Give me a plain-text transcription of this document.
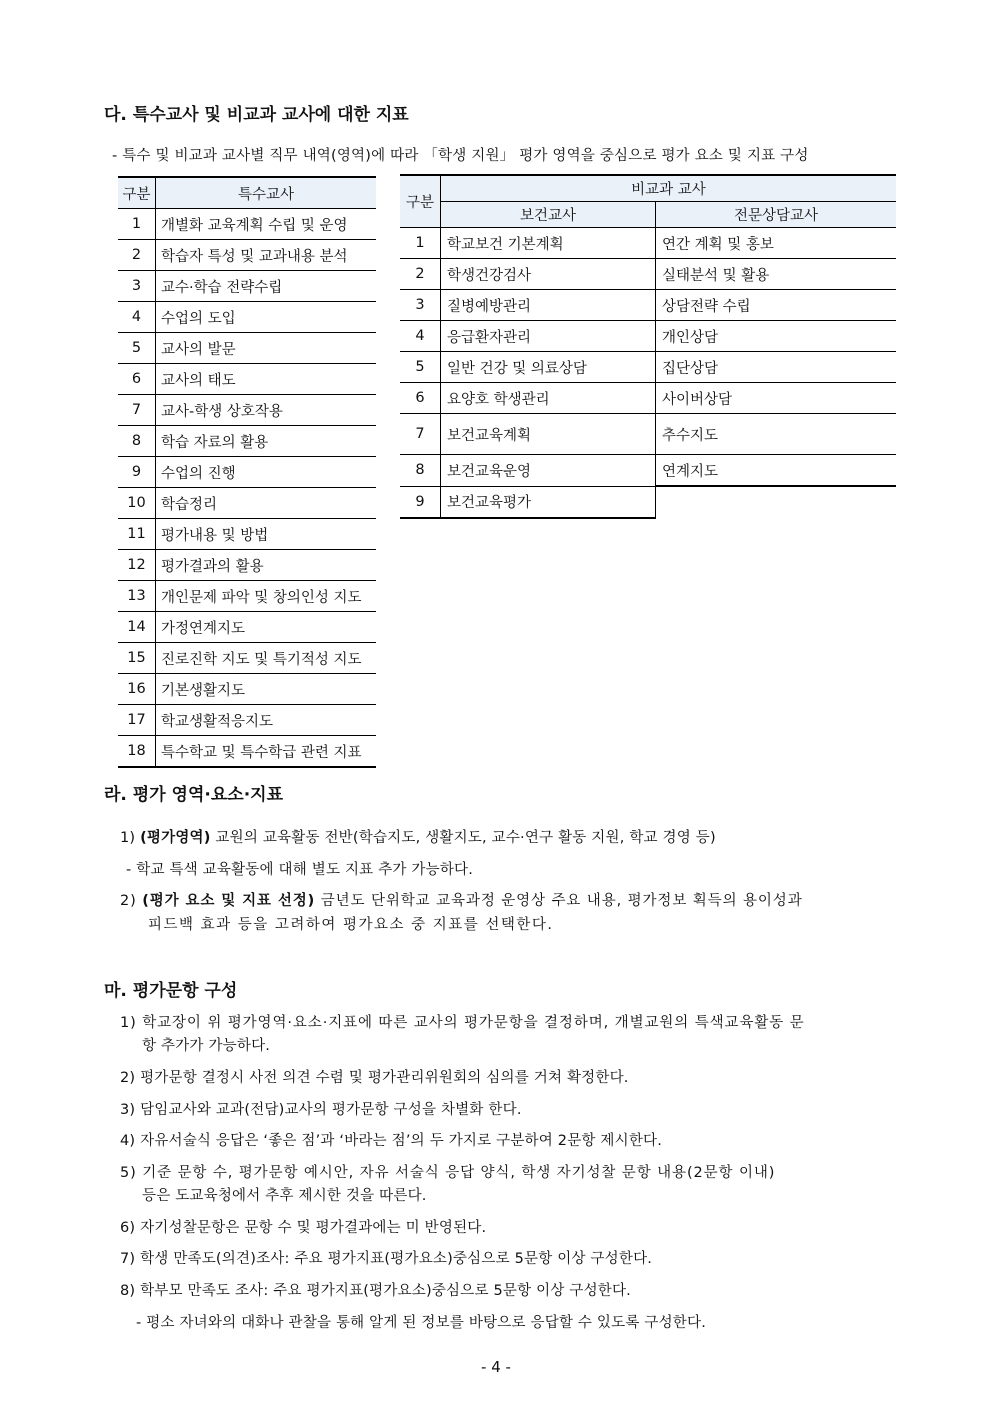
다. 특수교사 및 비교과 교사에 대한 지표
- 특수 및 비교과 교사별 직무 내역(영역)에 따라 「학생 지원」 평가 영역을 중심으로 평가 요소 및 지표 구성
구분	특수교사
1	개별화 교육계획 수립 및 운영
2	학습자 특성 및 교과내용 분석
3	교수·학습 전략수립
4	수업의 도입
5	교사의 발문
6	교사의 태도
7	교사-학생 상호작용
8	학습 자료의 활용
9	수업의 진행
10	학습정리
11	평가내용 및 방법
12	평가결과의 활용
13	개인문제 파악 및 창의인성 지도
14	가정연계지도
15	진로진학 지도 및 특기적성 지도
16	기본생활지도
17	학교생활적응지도
18	특수학교 및 특수학급 관련 지표
구분	비교과 교사	
	보건교사	전문상담교사
1	학교보건 기본계획	연간 계획 및 홍보
2	학생건강검사	실태분석 및 활용
3	질병예방관리	상담전략 수립
4	응급환자관리	개인상담
5	일반 건강 및 의료상담	집단상담
6	요양호 학생관리	사이버상담
7	보건교육계획	추수지도
8	보건교육운영	연계지도
9	보건교육평가	
라. 평가 영역·요소·지표
1) (평가영역) 교원의 교육활동 전반(학습지도, 생활지도, 교수·연구 활동 지원, 학교 경영 등)
- 학교 특색 교육활동에 대해 별도 지표 추가 가능하다.
2) (평가 요소 및 지표 선정) 금년도 단위학교 교육과정 운영상 주요 내용, 평가정보 획득의 용이성과
피드백 효과 등을 고려하여 평가요소 중 지표를 선택한다.
마. 평가문항 구성
1) 학교장이 위 평가영역·요소·지표에 따른 교사의 평가문항을 결정하며, 개별교원의 특색교육활동 문
항 추가가 가능하다.
2) 평가문항 결정시 사전 의견 수렴 및 평가관리위원회의 심의를 거쳐 확정한다.
3) 담임교사와 교과(전담)교사의 평가문항 구성을 차별화 한다.
4) 자유서술식 응답은 ‘좋은 점’과 ‘바라는 점’의 두 가지로 구분하여 2문항 제시한다.
5) 기준 문항 수, 평가문항 예시안, 자유 서술식 응답 양식, 학생 자기성찰 문항 내용(2문항 이내)
등은 도교육청에서 추후 제시한 것을 따른다.
6) 자기성찰문항은 문항 수 및 평가결과에는 미 반영된다.
7) 학생 만족도(의견)조사: 주요 평가지표(평가요소)중심으로 5문항 이상 구성한다.
8) 학부모 만족도 조사: 주요 평가지표(평가요소)중심으로 5문항 이상 구성한다.
- 평소 자녀와의 대화나 관찰을 통해 알게 된 정보를 바탕으로 응답할 수 있도록 구성한다.
- 4 -
